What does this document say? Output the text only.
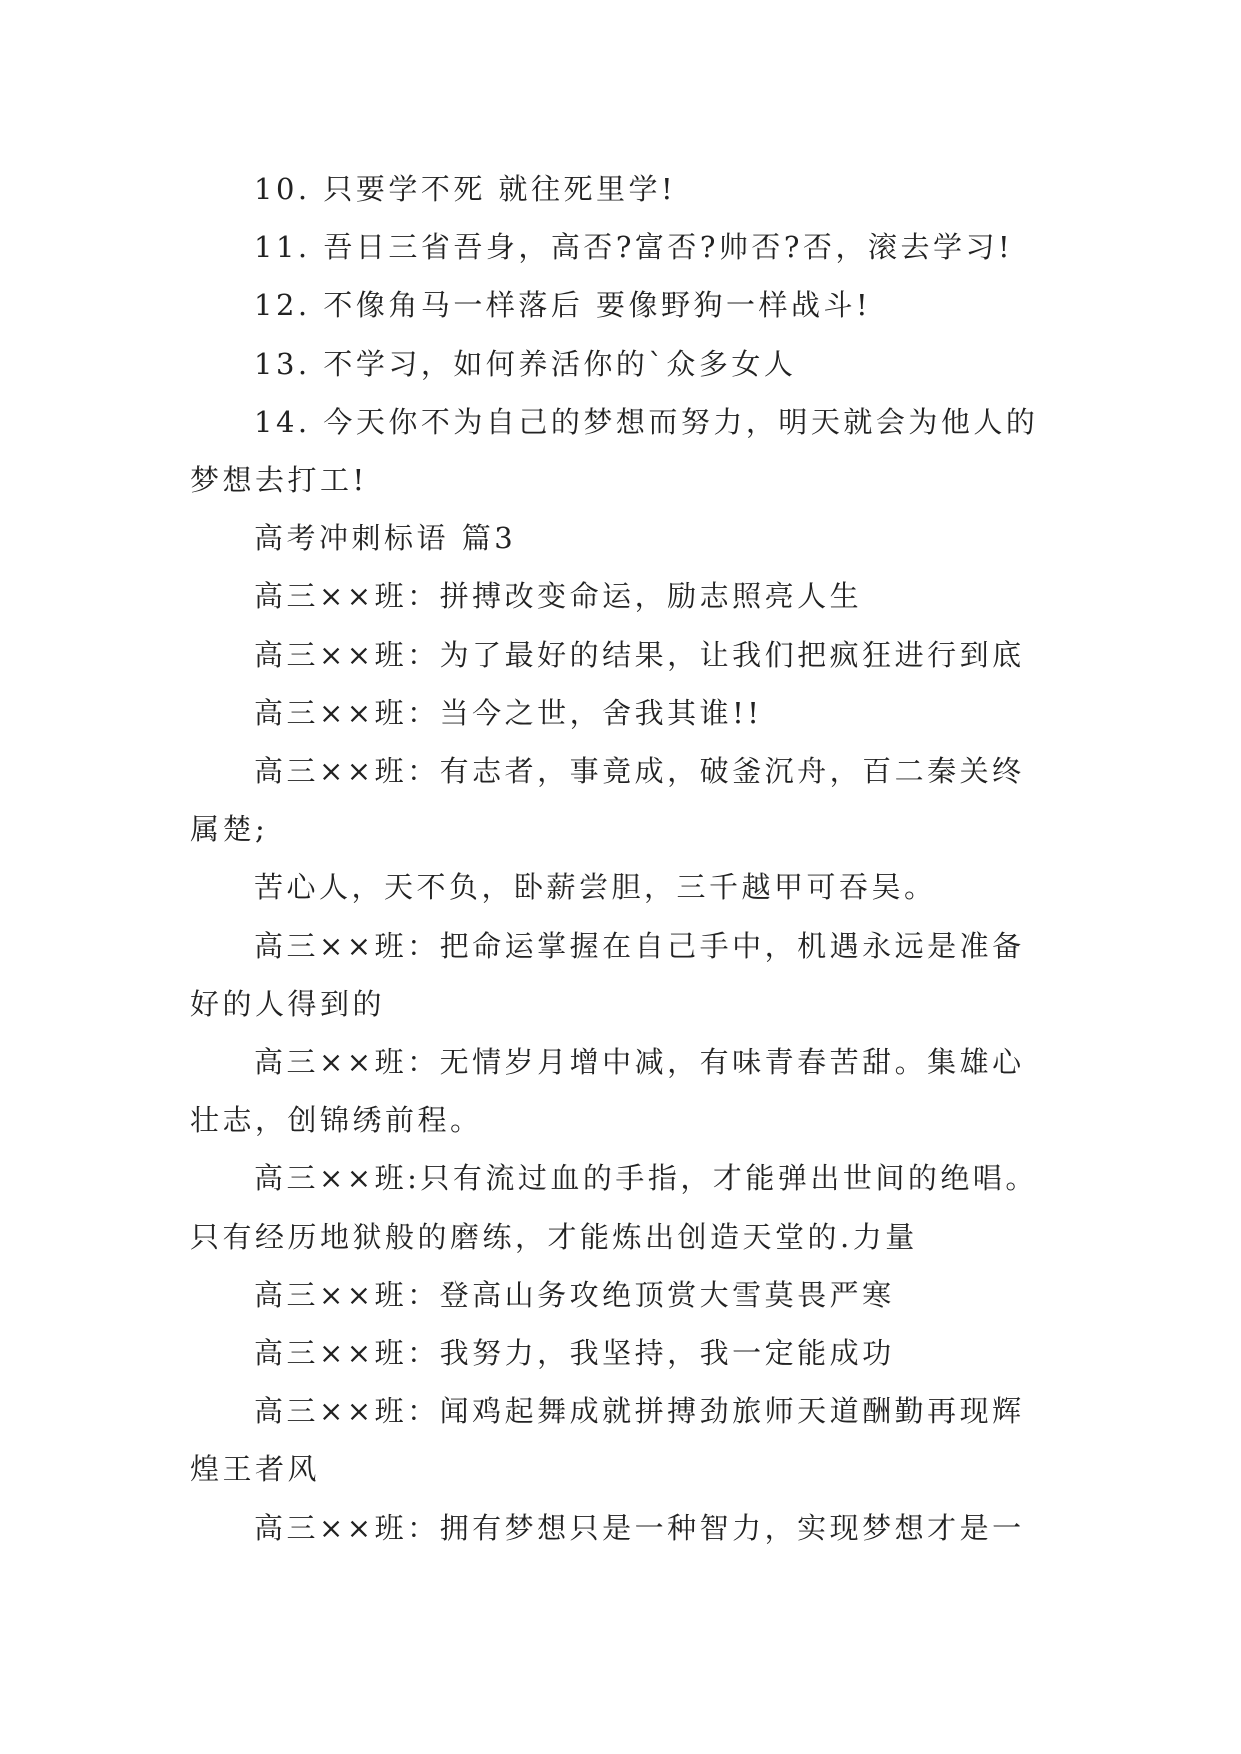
10. 只要学不死 就往死里学!

11. 吾日三省吾身，高否?富否?帅否?否，滚去学习!

12. 不像角马一样落后 要像野狗一样战斗!

13. 不学习，如何养活你的`众多女人

14. 今天你不为自己的梦想而努力，明天就会为他人的梦想去打工!

高考冲刺标语 篇3

高三××班：拼搏改变命运，励志照亮人生

高三××班：为了最好的结果，让我们把疯狂进行到底

高三××班：当今之世，舍我其谁!!

高三××班：有志者，事竟成，破釜沉舟，百二秦关终属楚;

苦心人，天不负，卧薪尝胆，三千越甲可吞吴。

高三××班：把命运掌握在自己手中，机遇永远是准备好的人得到的

高三××班：无情岁月增中减，有味青春苦甜。集雄心壮志，创锦绣前程。

高三××班:只有流过血的手指，才能弹出世间的绝唱。只有经历地狱般的磨练，才能炼出创造天堂的.力量

高三××班：登高山务攻绝顶赏大雪莫畏严寒

高三××班：我努力，我坚持，我一定能成功

高三××班：闻鸡起舞成就拼搏劲旅师天道酬勤再现辉煌王者风

高三××班：拥有梦想只是一种智力，实现梦想才是一
